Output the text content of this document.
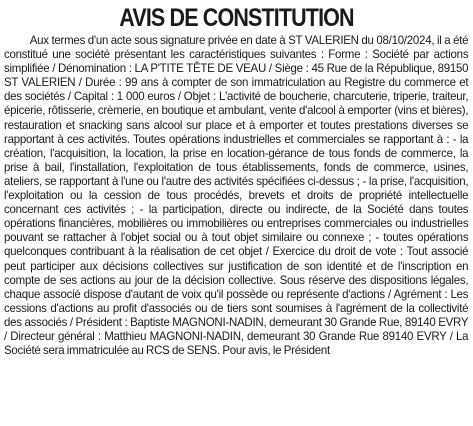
AVIS DE CONSTITUTION

Aux termes d'un acte sous signature privée en date à ST VALERIEN du 08/10/2024, il a été constitué une société présentant les caractéristiques suivantes : Forme : Société par actions simplifiée / Dénomination : LA P'TITE TÊTE DE VEAU / Siège : 45 Rue de la République, 89150 ST VALERIEN / Durée : 99 ans à compter de son immatriculation au Registre du commerce et des sociétés / Capital : 1 000 euros / Objet : L'activité de boucherie, charcuterie, triperie, traiteur, épicerie, rôtisserie, crèmerie, en boutique et ambulant, vente d'alcool à emporter (vins et bières), restauration et snacking sans alcool sur place et à emporter et toutes prestations diverses se rapportant à ces activités. Toutes opérations industrielles et commerciales se rapportant à : - la création, l'acquisition, la location, la prise en location-gérance de tous fonds de commerce, la prise à bail, l'installation, l'exploitation de tous établissements, fonds de commerce, usines, ateliers, se rapportant à l'une ou l'autre des activités spécifiées ci-dessus ; - la prise, l'acquisition, l'exploitation ou la cession de tous procédés, brevets et droits de propriété intellectuelle concernant ces activités ; - la participation, directe ou indirecte, de la Société dans toutes opérations financières, mobilières ou immobilières ou entreprises commerciales ou industrielles pouvant se rattacher à l'objet social ou à tout objet similaire ou connexe ; - toutes opérations quelconques contribuant à la réalisation de cet objet / Exercice du droit de vote : Tout associé peut participer aux décisions collectives sur justification de son identité et de l'inscription en compte de ses actions au jour de la décision collective. Sous réserve des dispositions légales, chaque associé dispose d'autant de voix qu'il possède ou représente d'actions / Agrément : Les cessions d'actions au profit d'associés ou de tiers sont soumises à l'agrément de la collectivité des associés / Président : Baptiste MAGNONI-NADIN, demeurant 30 Grande Rue, 89140 EVRY / Directeur général : Matthieu MAGNONI-NADIN, demeurant 30 Grande Rue 89140 EVRY / La Société sera immatriculée au RCS de SENS. Pour avis, le Président
